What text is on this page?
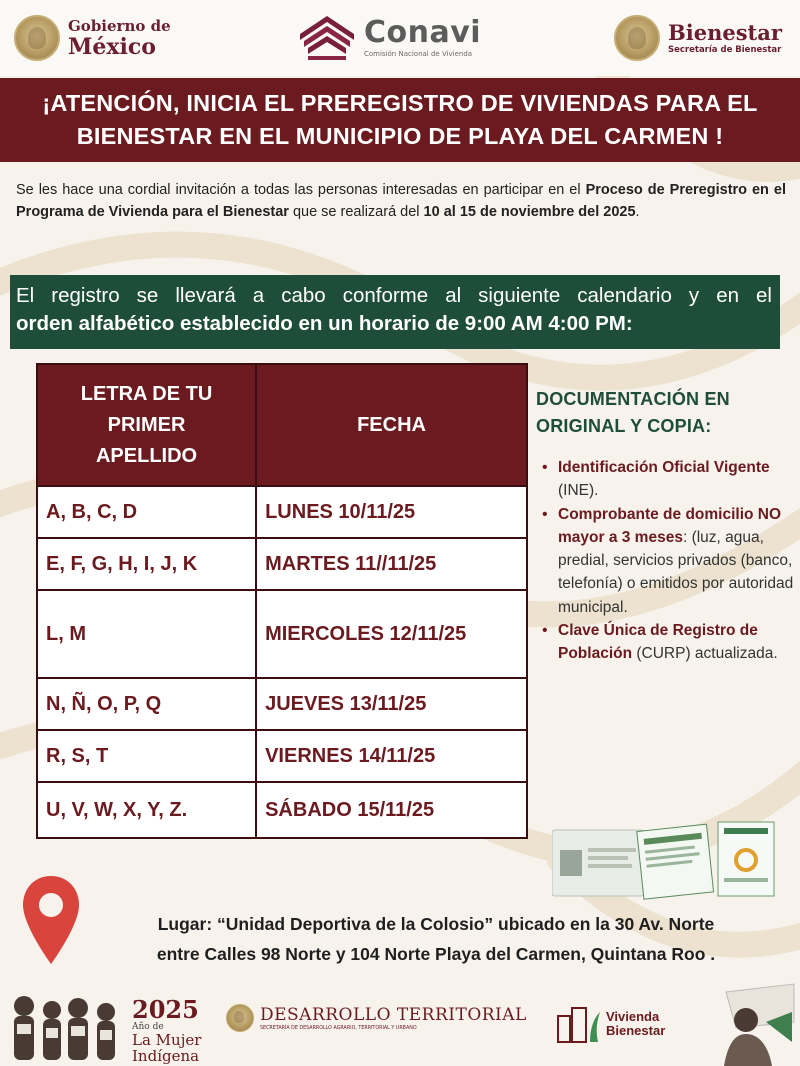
Gobierno de
México	Conavi
Comisión Nacional de Vivienda
Bienestar
Secretaría de Bienestar
¡ATENCIÓN, INICIA EL PREREGISTRO DE VIVIENDAS PARA EL
BIENESTAR EN EL MUNICIPIO DE PLAYA DEL CARMEN !

Se les hace una cordial invitación a todas las personas interesadas en participar en el Proceso de Preregistro en el Programa de Vivienda para el Bienestar que se realizará del 10 al 15 de noviembre del 2025.

El registro se llevará a cabo conforme al siguiente calendario y en el
orden alfabético establecido en un horario de 9:00 AM 4:00 PM:
LETRA DE TU
PRIMER
APELLIDO	FECHA
A, B, C, D	LUNES 10/11/25
E, F, G, H, I, J, K	MARTES 11//11/25
L, M	MIERCOLES 12/11/25
N, Ñ, O, P, Q	JUEVES 13/11/25
R, S, T	VIERNES 14/11/25
U, V, W, X, Y, Z.	SÁBADO 15/11/25
DOCUMENTACIÓN EN
ORIGINAL Y COPIA:
• Identificación Oficial Vigente (INE).
• Comprobante de domicilio NO mayor a 3 meses: (luz, agua, predial, servicios privados (banco, telefonía) o emitidos por autoridad municipal.
• Clave Única de Registro de Población (CURP) actualizada.
Lugar: “Unidad Deportiva de la Colosio” ubicado en la 30 Av. Norte
entre Calles 98 Norte y 104 Norte Playa del Carmen, Quintana Roo .
2025
Año de
La Mujer
Indígena
DESARROLLO TERRITORIAL
SECRETARÍA DE DESARROLLO AGRARIO, TERRITORIAL Y URBANO
Vivienda
Bienestar
